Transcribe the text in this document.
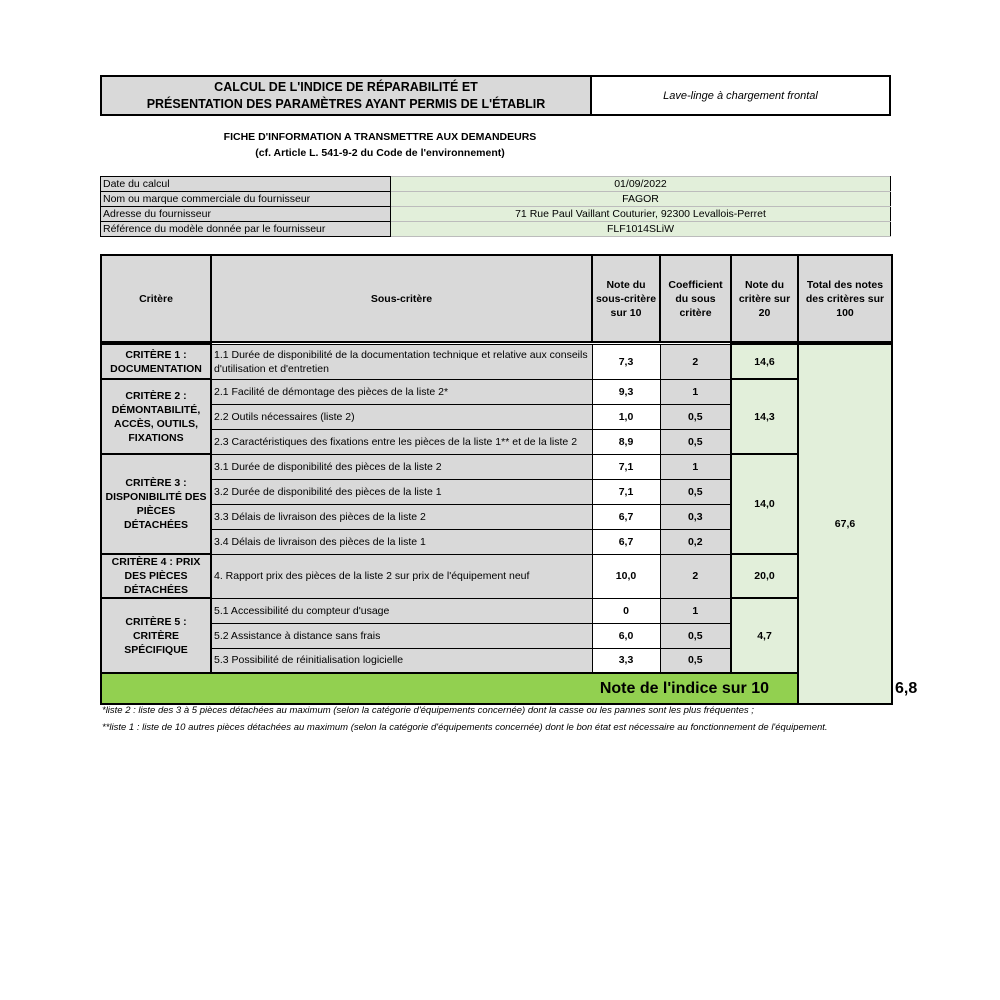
CALCUL DE L'INDICE DE RÉPARABILITÉ ET
PRÉSENTATION DES PARAMÈTRES AYANT PERMIS DE L'ÉTABLIR
Lave-linge à chargement frontal
FICHE D'INFORMATION A TRANSMETTRE AUX DEMANDEURS
(cf. Article L. 541-9-2 du Code de l'environnement)
Date du calcul	01/09/2022
Nom ou marque commerciale du fournisseur	FAGOR
Adresse du fournisseur	71 Rue Paul Vaillant Couturier, 92300 Levallois-Perret
Référence du modèle donnée par le fournisseur	FLF1014SLiW
Critère	Sous-critère	Note du sous-critère sur 10	Coefficient du sous critère	Note du critère sur 20	Total des notes des critères sur 100	

CRITÈRE 1 : DOCUMENTATION	1.1 Durée de disponibilité de la documentation technique et relative aux conseils d'utilisation et d'entretien	7,3	2	14,6	67,6	
CRITÈRE 2 : DÉMONTABILITÉ, ACCÈS, OUTILS, FIXATIONS	2.1 Facilité de démontage des pièces de la liste 2*	9,3	1	14,3		
	2.2 Outils nécessaires (liste 2)	1,0	0,5			
	2.3 Caractéristiques des fixations entre les pièces de la liste 1** et de la liste 2	8,9	0,5			
CRITÈRE 3 : DISPONIBILITÉ DES PIÈCES DÉTACHÉES	3.1 Durée de disponibilité des pièces de la liste 2	7,1	1	14,0		
	3.2 Durée de disponibilité des pièces de la liste 1	7,1	0,5			
	3.3 Délais de livraison des pièces de la liste 2	6,7	0,3			
	3.4 Délais de livraison des pièces de la liste 1	6,7	0,2			
CRITÈRE 4 : PRIX DES PIÈCES DÉTACHÉES	4. Rapport prix des pièces de la liste 2 sur prix de l'équipement neuf	10,0	2	20,0		
CRITÈRE 5 : CRITÈRE SPÉCIFIQUE	5.1 Accessibilité du compteur d'usage	0	1	4,7		
	5.2 Assistance à distance sans frais	6,0	0,5			
	5.3 Possibilité de réinitialisation logicielle	3,3	0,5			
Note de l'indice sur 10						6,8
*liste 2 : liste des 3 à 5 pièces détachées au maximum (selon la catégorie d'équipements concernée) dont la casse ou les pannes sont les plus fréquentes ;
**liste 1 : liste de 10 autres pièces détachées au maximum (selon la catégorie d'équipements concernée) dont le bon état est nécessaire au fonctionnement de l'équipement.
